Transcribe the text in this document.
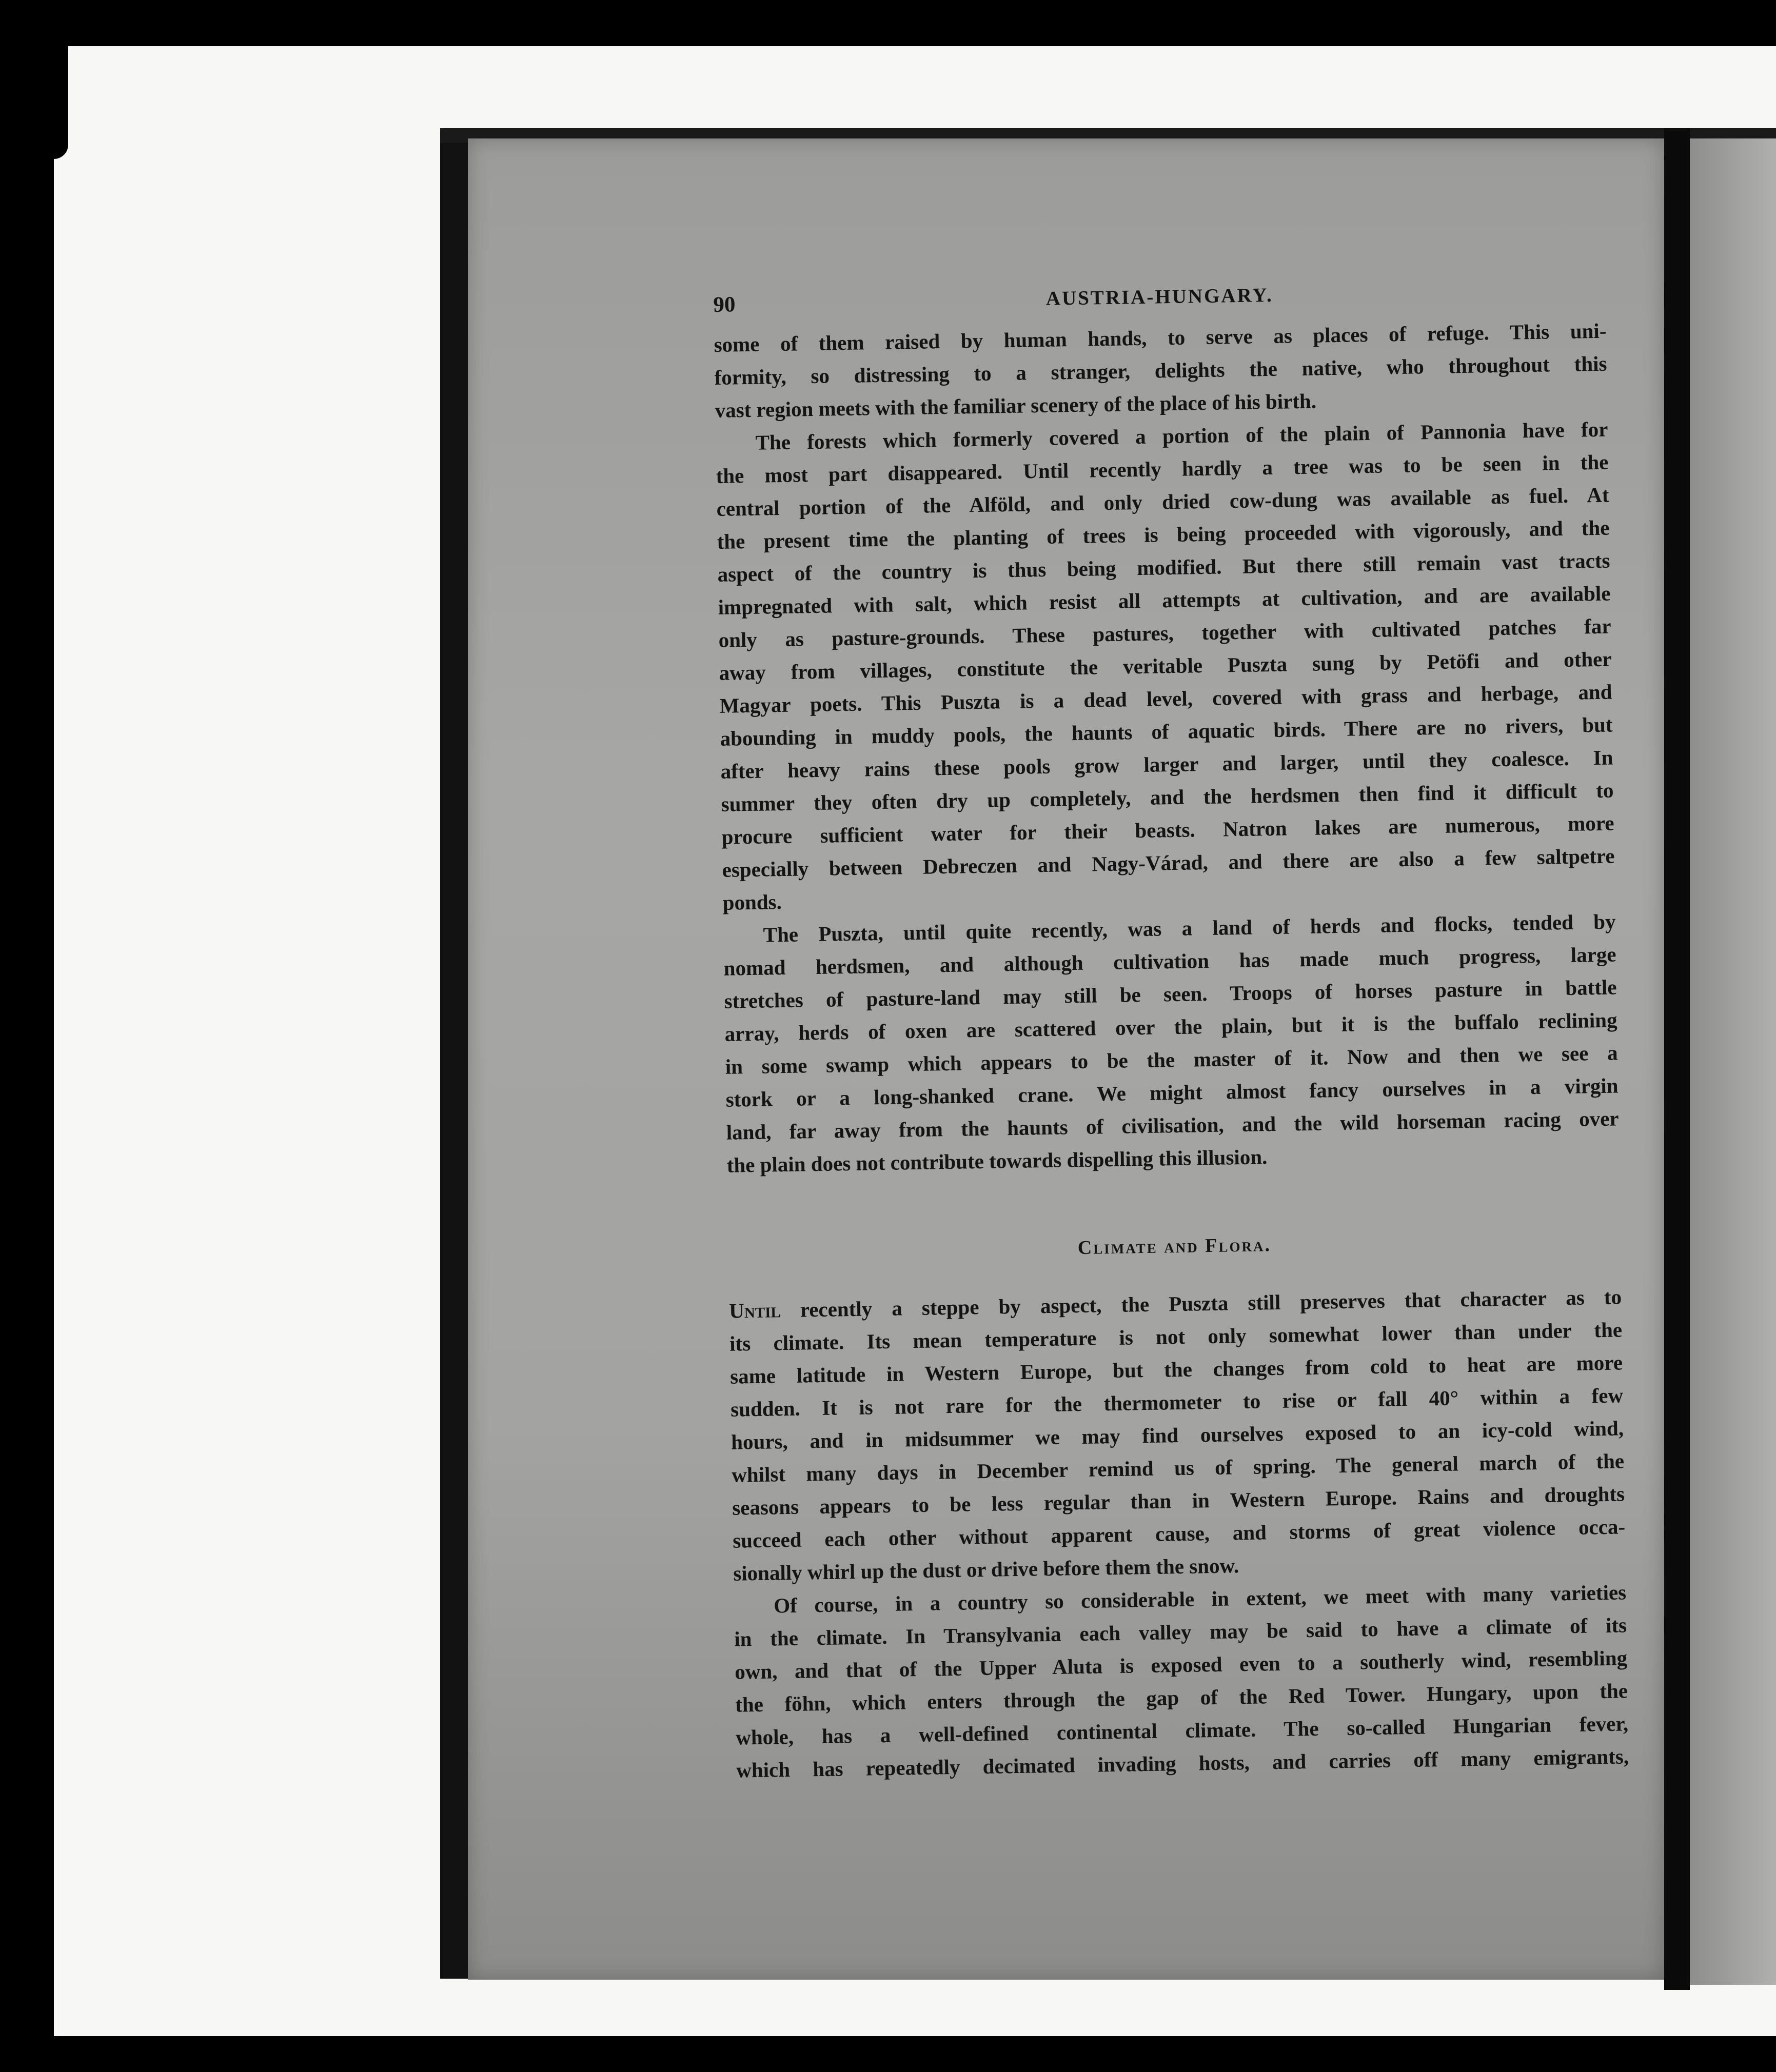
90	AUSTRIA-HUNGARY.

some of them raised by human hands, to serve as places of refuge. This uni-
formity, so distressing to a stranger, delights the native, who throughout this
vast region meets with the familiar scenery of the place of his birth.

The forests which formerly covered a portion of the plain of Pannonia have for
the most part disappeared. Until recently hardly a tree was to be seen in the
central portion of the Alföld, and only dried cow-dung was available as fuel. At
the present time the planting of trees is being proceeded with vigorously, and the
aspect of the country is thus being modified. But there still remain vast tracts
impregnated with salt, which resist all attempts at cultivation, and are available
only as pasture-grounds. These pastures, together with cultivated patches far
away from villages, constitute the veritable Puszta sung by Petöfi and other
Magyar poets. This Puszta is a dead level, covered with grass and herbage, and
abounding in muddy pools, the haunts of aquatic birds. There are no rivers, but
after heavy rains these pools grow larger and larger, until they coalesce. In
summer they often dry up completely, and the herdsmen then find it difficult to
procure sufficient water for their beasts. Natron lakes are numerous, more
especially between Debreczen and Nagy-Várad, and there are also a few saltpetre
ponds.

The Puszta, until quite recently, was a land of herds and flocks, tended by
nomad herdsmen, and although cultivation has made much progress, large
stretches of pasture-land may still be seen. Troops of horses pasture in battle
array, herds of oxen are scattered over the plain, but it is the buffalo reclining
in some swamp which appears to be the master of it. Now and then we see a
stork or a long-shanked crane. We might almost fancy ourselves in a virgin
land, far away from the haunts of civilisation, and the wild horseman racing over
the plain does not contribute towards dispelling this illusion.

Climate and Flora.

Until recently a steppe by aspect, the Puszta still preserves that character as to
its climate. Its mean temperature is not only somewhat lower than under the
same latitude in Western Europe, but the changes from cold to heat are more
sudden. It is not rare for the thermometer to rise or fall 40° within a few
hours, and in midsummer we may find ourselves exposed to an icy-cold wind,
whilst many days in December remind us of spring. The general march of the
seasons appears to be less regular than in Western Europe. Rains and droughts
succeed each other without apparent cause, and storms of great violence occa-
sionally whirl up the dust or drive before them the snow.

Of course, in a country so considerable in extent, we meet with many varieties
in the climate. In Transylvania each valley may be said to have a climate of its
own, and that of the Upper Aluta is exposed even to a southerly wind, resembling
the föhn, which enters through the gap of the Red Tower. Hungary, upon the
whole, has a well-defined continental climate. The so-called Hungarian fever,
which has repeatedly decimated invading hosts, and carries off many emigrants,
